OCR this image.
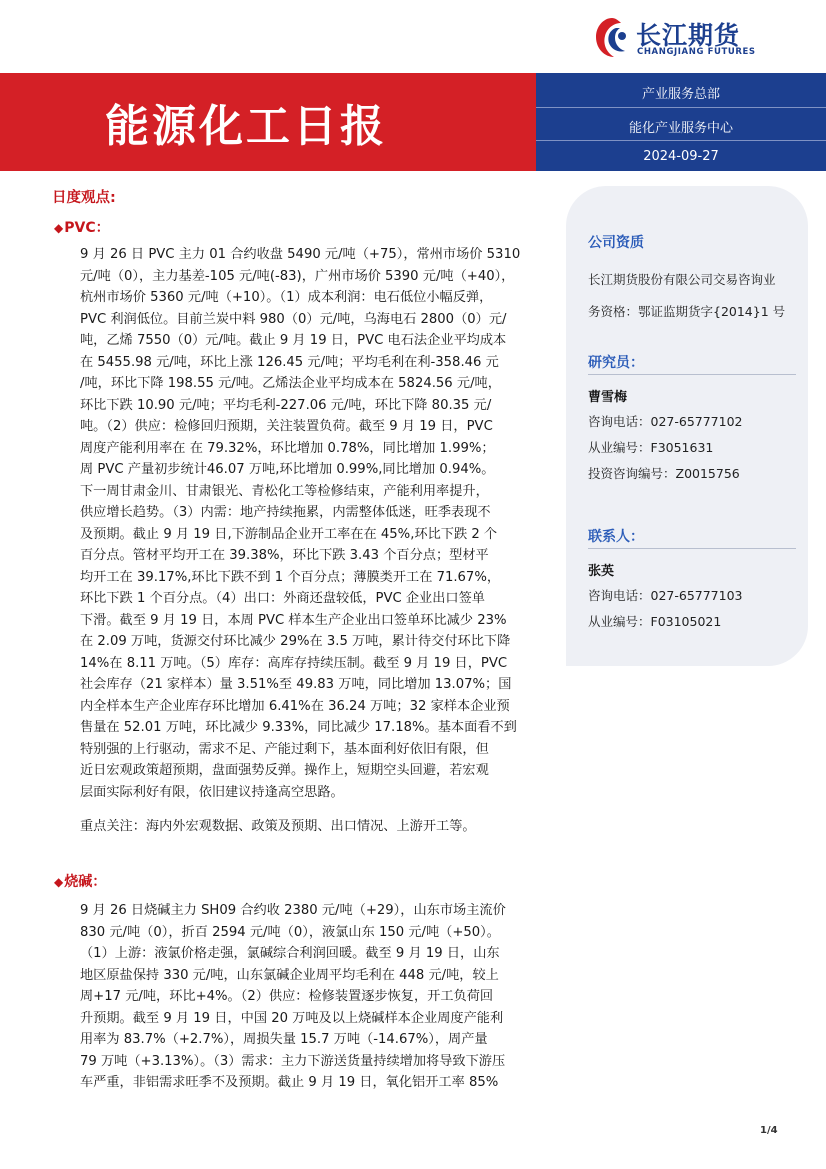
长江期货
CHANGJIANG FUTURES
能源化工日报
产业服务总部
能化产业服务中心
2024-09-27
日度观点:
◆PVC：
9 月 26 日 PVC 主力 01 合约收盘 5490 元/吨（+75），常州市场价 5310
元/吨（0），主力基差-105 元/吨(-83)，广州市场价 5390 元/吨（+40），
杭州市场价 5360 元/吨（+10）。（1）成本利润：电石低位小幅反弹，
PVC 利润低位。目前兰炭中料 980（0）元/吨，乌海电石 2800（0）元/
吨，乙烯 7550（0）元/吨。截止 9 月 19 日，PVC 电石法企业平均成本
在 5455.98 元/吨，环比上涨 126.45 元/吨；平均毛利在利-358.46 元
/吨，环比下降 198.55 元/吨。乙烯法企业平均成本在 5824.56 元/吨，
环比下跌 10.90 元/吨；平均毛利-227.06 元/吨，环比下降 80.35 元/
吨。（2）供应：检修回归预期，关注装置负荷。截至 9 月 19 日，PVC
周度产能利用率在 在 79.32%，环比增加 0.78%，同比增加 1.99%；
周 PVC 产量初步统计46.07 万吨,环比增加 0.99%,同比增加 0.94%。
下一周甘肃金川、甘肃银光、青松化工等检修结束，产能利用率提升，
供应增长趋势。（3）内需：地产持续拖累，内需整体低迷，旺季表现不
及预期。截止 9 月 19 日,下游制品企业开工率在在 45%,环比下跌 2 个
百分点。管材平均开工在 39.38%，环比下跌 3.43 个百分点；型材平
均开工在 39.17%,环比下跌不到 1 个百分点；薄膜类开工在 71.67%，
环比下跌 1 个百分点。（4）出口：外商还盘较低，PVC 企业出口签单
下滑。截至 9 月 19 日，本周 PVC 样本生产企业出口签单环比减少 23%
在 2.09 万吨，货源交付环比减少 29%在 3.5 万吨，累计待交付环比下降
14%在 8.11 万吨。（5）库存：高库存持续压制。截至 9 月 19 日，PVC
社会库存（21 家样本）量 3.51%至 49.83 万吨，同比增加 13.07%；国
内全样本生产企业库存环比增加 6.41%在 36.24 万吨；32 家样本企业预
售量在 52.01 万吨，环比减少 9.33%，同比减少 17.18%。基本面看不到
特别强的上行驱动，需求不足、产能过剩下，基本面利好依旧有限，但
近日宏观政策超预期，盘面强势反弹。操作上，短期空头回避，若宏观
层面实际利好有限，依旧建议持逢高空思路。
重点关注：海内外宏观数据、政策及预期、出口情况、上游开工等。
◆烧碱：
9 月 26 日烧碱主力 SH09 合约收 2380 元/吨（+29），山东市场主流价
830 元/吨（0），折百 2594 元/吨（0），液氯山东 150 元/吨（+50）。
（1）上游：液氯价格走强，氯碱综合利润回暖。截至 9 月 19 日，山东
地区原盐保持 330 元/吨，山东氯碱企业周平均毛利在 448 元/吨，较上
周+17 元/吨，环比+4%。（2）供应：检修装置逐步恢复，开工负荷回
升预期。截至 9 月 19 日，中国 20 万吨及以上烧碱样本企业周度产能利
用率为 83.7%（+2.7%），周损失量 15.7 万吨（-14.67%），周产量
79 万吨（+3.13%）。（3）需求：主力下游送货量持续增加将导致下游压
车严重，非铝需求旺季不及预期。截止 9 月 19 日，氧化铝开工率 85%
公司资质
长江期货股份有限公司交易咨询业
务资格：鄂证监期货字{2014}1 号
研究员：
曹雪梅
咨询电话：027-65777102
从业编号：F3051631
投资咨询编号：Z0015756
联系人：
张英
咨询电话：027-65777103
从业编号：F03105021
1/4
